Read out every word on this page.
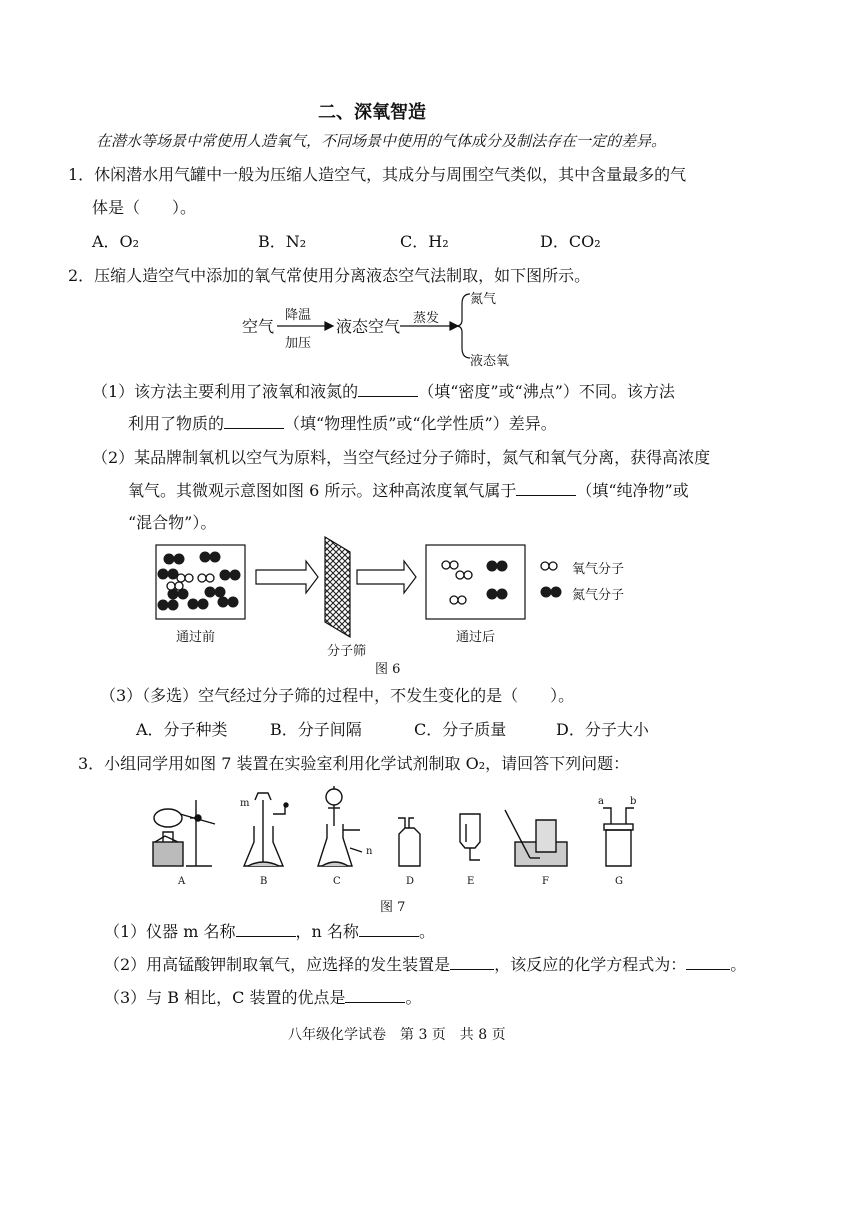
二、深氧智造
在潜水等场景中常使用人造氧气，不同场景中使用的气体成分及制法存在一定的差异。
1．休闲潜水用气罐中一般为压缩人造空气，其成分与周围空气类似，其中含量最多的气
体是（　　）。
A．O₂	B．N₂	C．H₂	D．CO₂
2．压缩人造空气中添加的氧气常使用分离液态空气法制取，如下图所示。
空气
降温
加压
液态空气 蒸发
氮气
液态氧
（1）该方法主要利用了液氧和液氮的	（填“密度”或“沸点”）不同。该方法
利用了物质的	（填“物理性质”或“化学性质”）差异。
（2）某品牌制氧机以空气为原料，当空气经过分子筛时，氮气和氧气分离，获得高浓度
氧气。其微观示意图如图 6 所示。这种高浓度氧气属于	（填“纯净物”或
“混合物”）。
氧气分子
氮气分子
通过前
分子筛
通过后
图 6
（3）（多选）空气经过分子筛的过程中，不发生变化的是（　　）。
A．分子种类	B．分子间隔	C．分子质量	D．分子大小
3．小组同学用如图 7 装置在实验室利用化学试剂制取 O₂，请回答下列问题：
m
n
a	b
A	B	C	D	E	F	G
图 7
（1）仪器 m 名称	，n 名称	。
（2）用高锰酸钾制取氧气，应选择的发生装置是	，该反应的化学方程式为：	。
（3）与 B 相比，C 装置的优点是	。
八年级化学试卷　第 3 页　共 8 页
